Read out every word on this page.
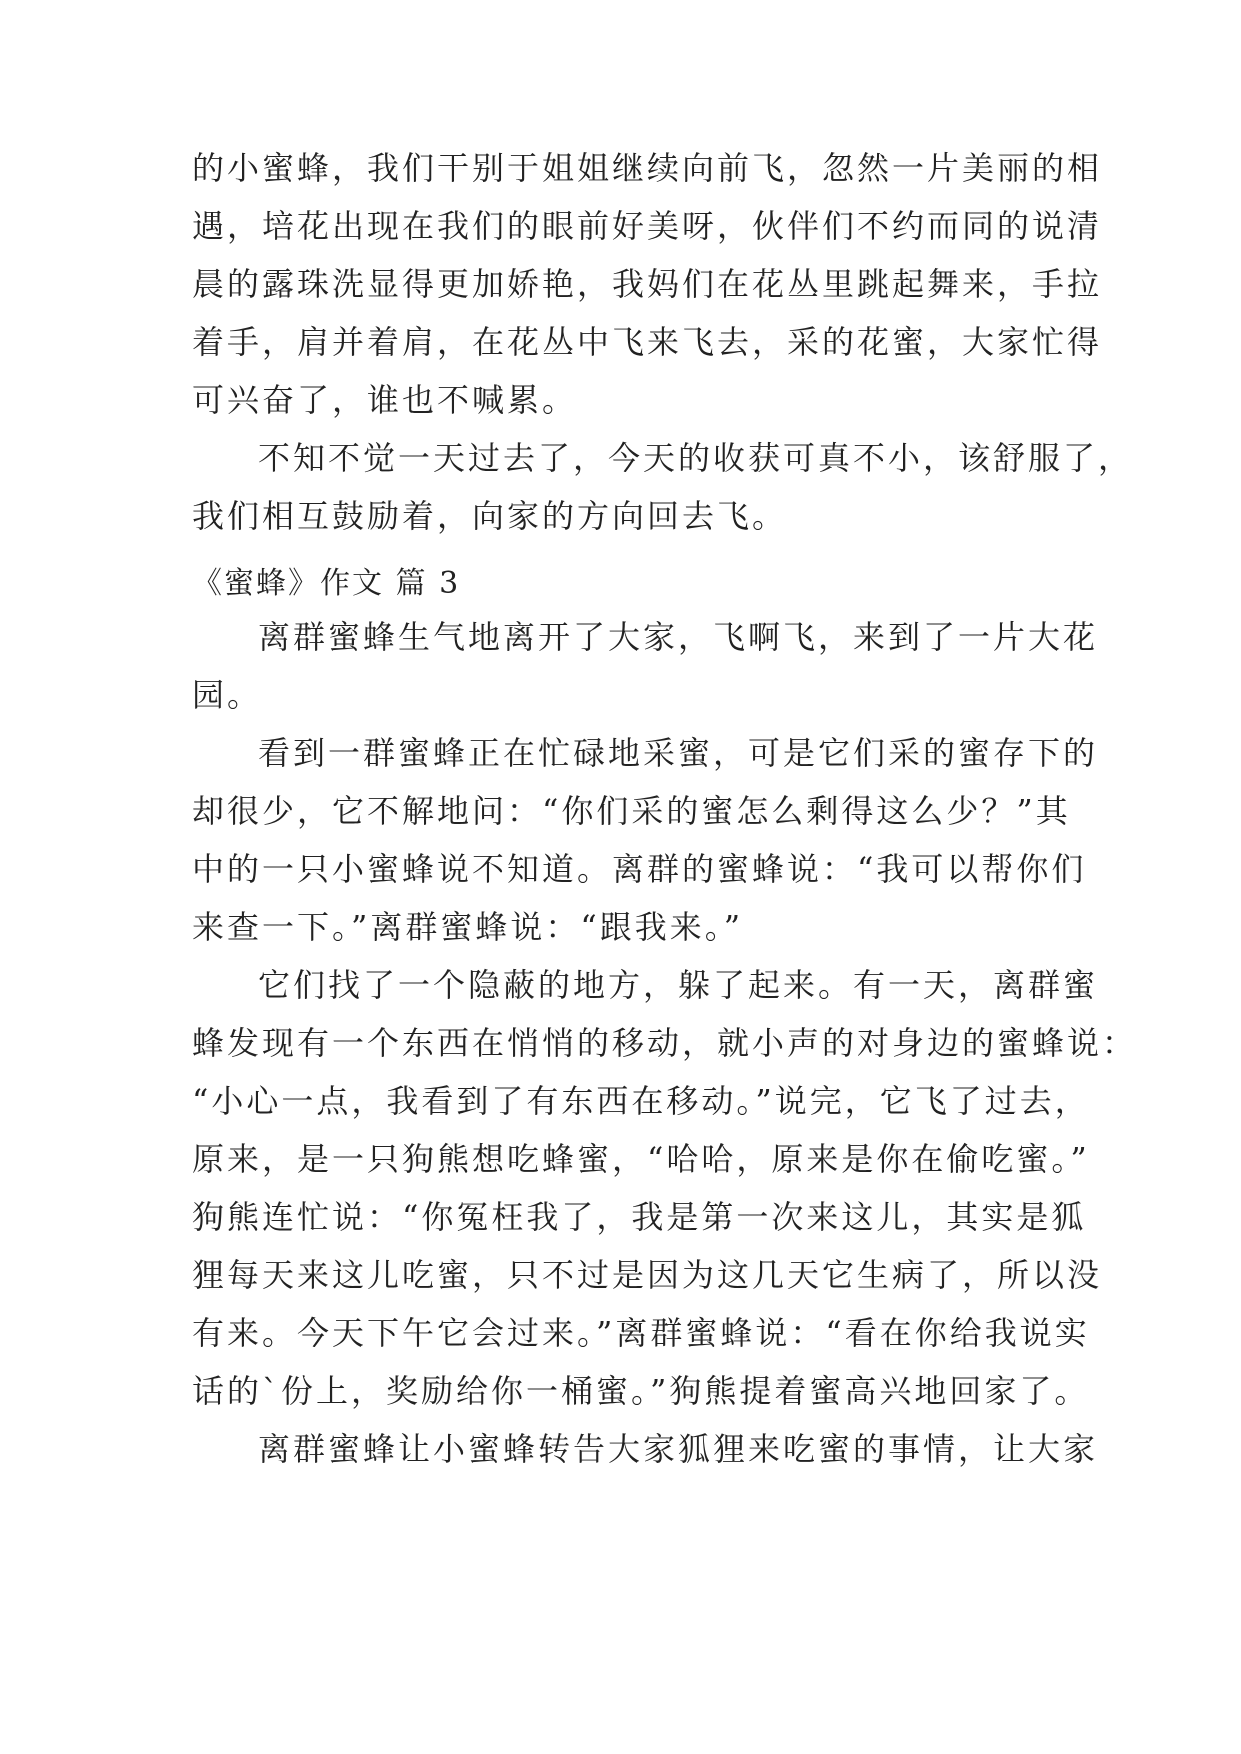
的小蜜蜂，我们干别于姐姐继续向前飞，忽然一片美丽的相
遇，培花出现在我们的眼前好美呀，伙伴们不约而同的说清
晨的露珠洗显得更加娇艳，我妈们在花丛里跳起舞来，手拉
着手，肩并着肩，在花丛中飞来飞去，采的花蜜，大家忙得
可兴奋了，谁也不喊累。
不知不觉一天过去了，今天的收获可真不小，该舒服了，
我们相互鼓励着，向家的方向回去飞。
《蜜蜂》作文 篇 3
离群蜜蜂生气地离开了大家，飞啊飞，来到了一片大花
园。
看到一群蜜蜂正在忙碌地采蜜，可是它们采的蜜存下的
却很少，它不解地问：“你们采的蜜怎么剩得这么少？”其
中的一只小蜜蜂说不知道。离群的蜜蜂说：“我可以帮你们
来查一下。”离群蜜蜂说：“跟我来。”
它们找了一个隐蔽的地方，躲了起来。有一天，离群蜜
蜂发现有一个东西在悄悄的移动，就小声的对身边的蜜蜂说：
“小心一点，我看到了有东西在移动。”说完，它飞了过去，
原来，是一只狗熊想吃蜂蜜，“哈哈，原来是你在偷吃蜜。”
狗熊连忙说：“你冤枉我了，我是第一次来这儿，其实是狐
狸每天来这儿吃蜜，只不过是因为这几天它生病了，所以没
有来。今天下午它会过来。”离群蜜蜂说：“看在你给我说实
话的`份上，奖励给你一桶蜜。”狗熊提着蜜高兴地回家了。
离群蜜蜂让小蜜蜂转告大家狐狸来吃蜜的事情，让大家
